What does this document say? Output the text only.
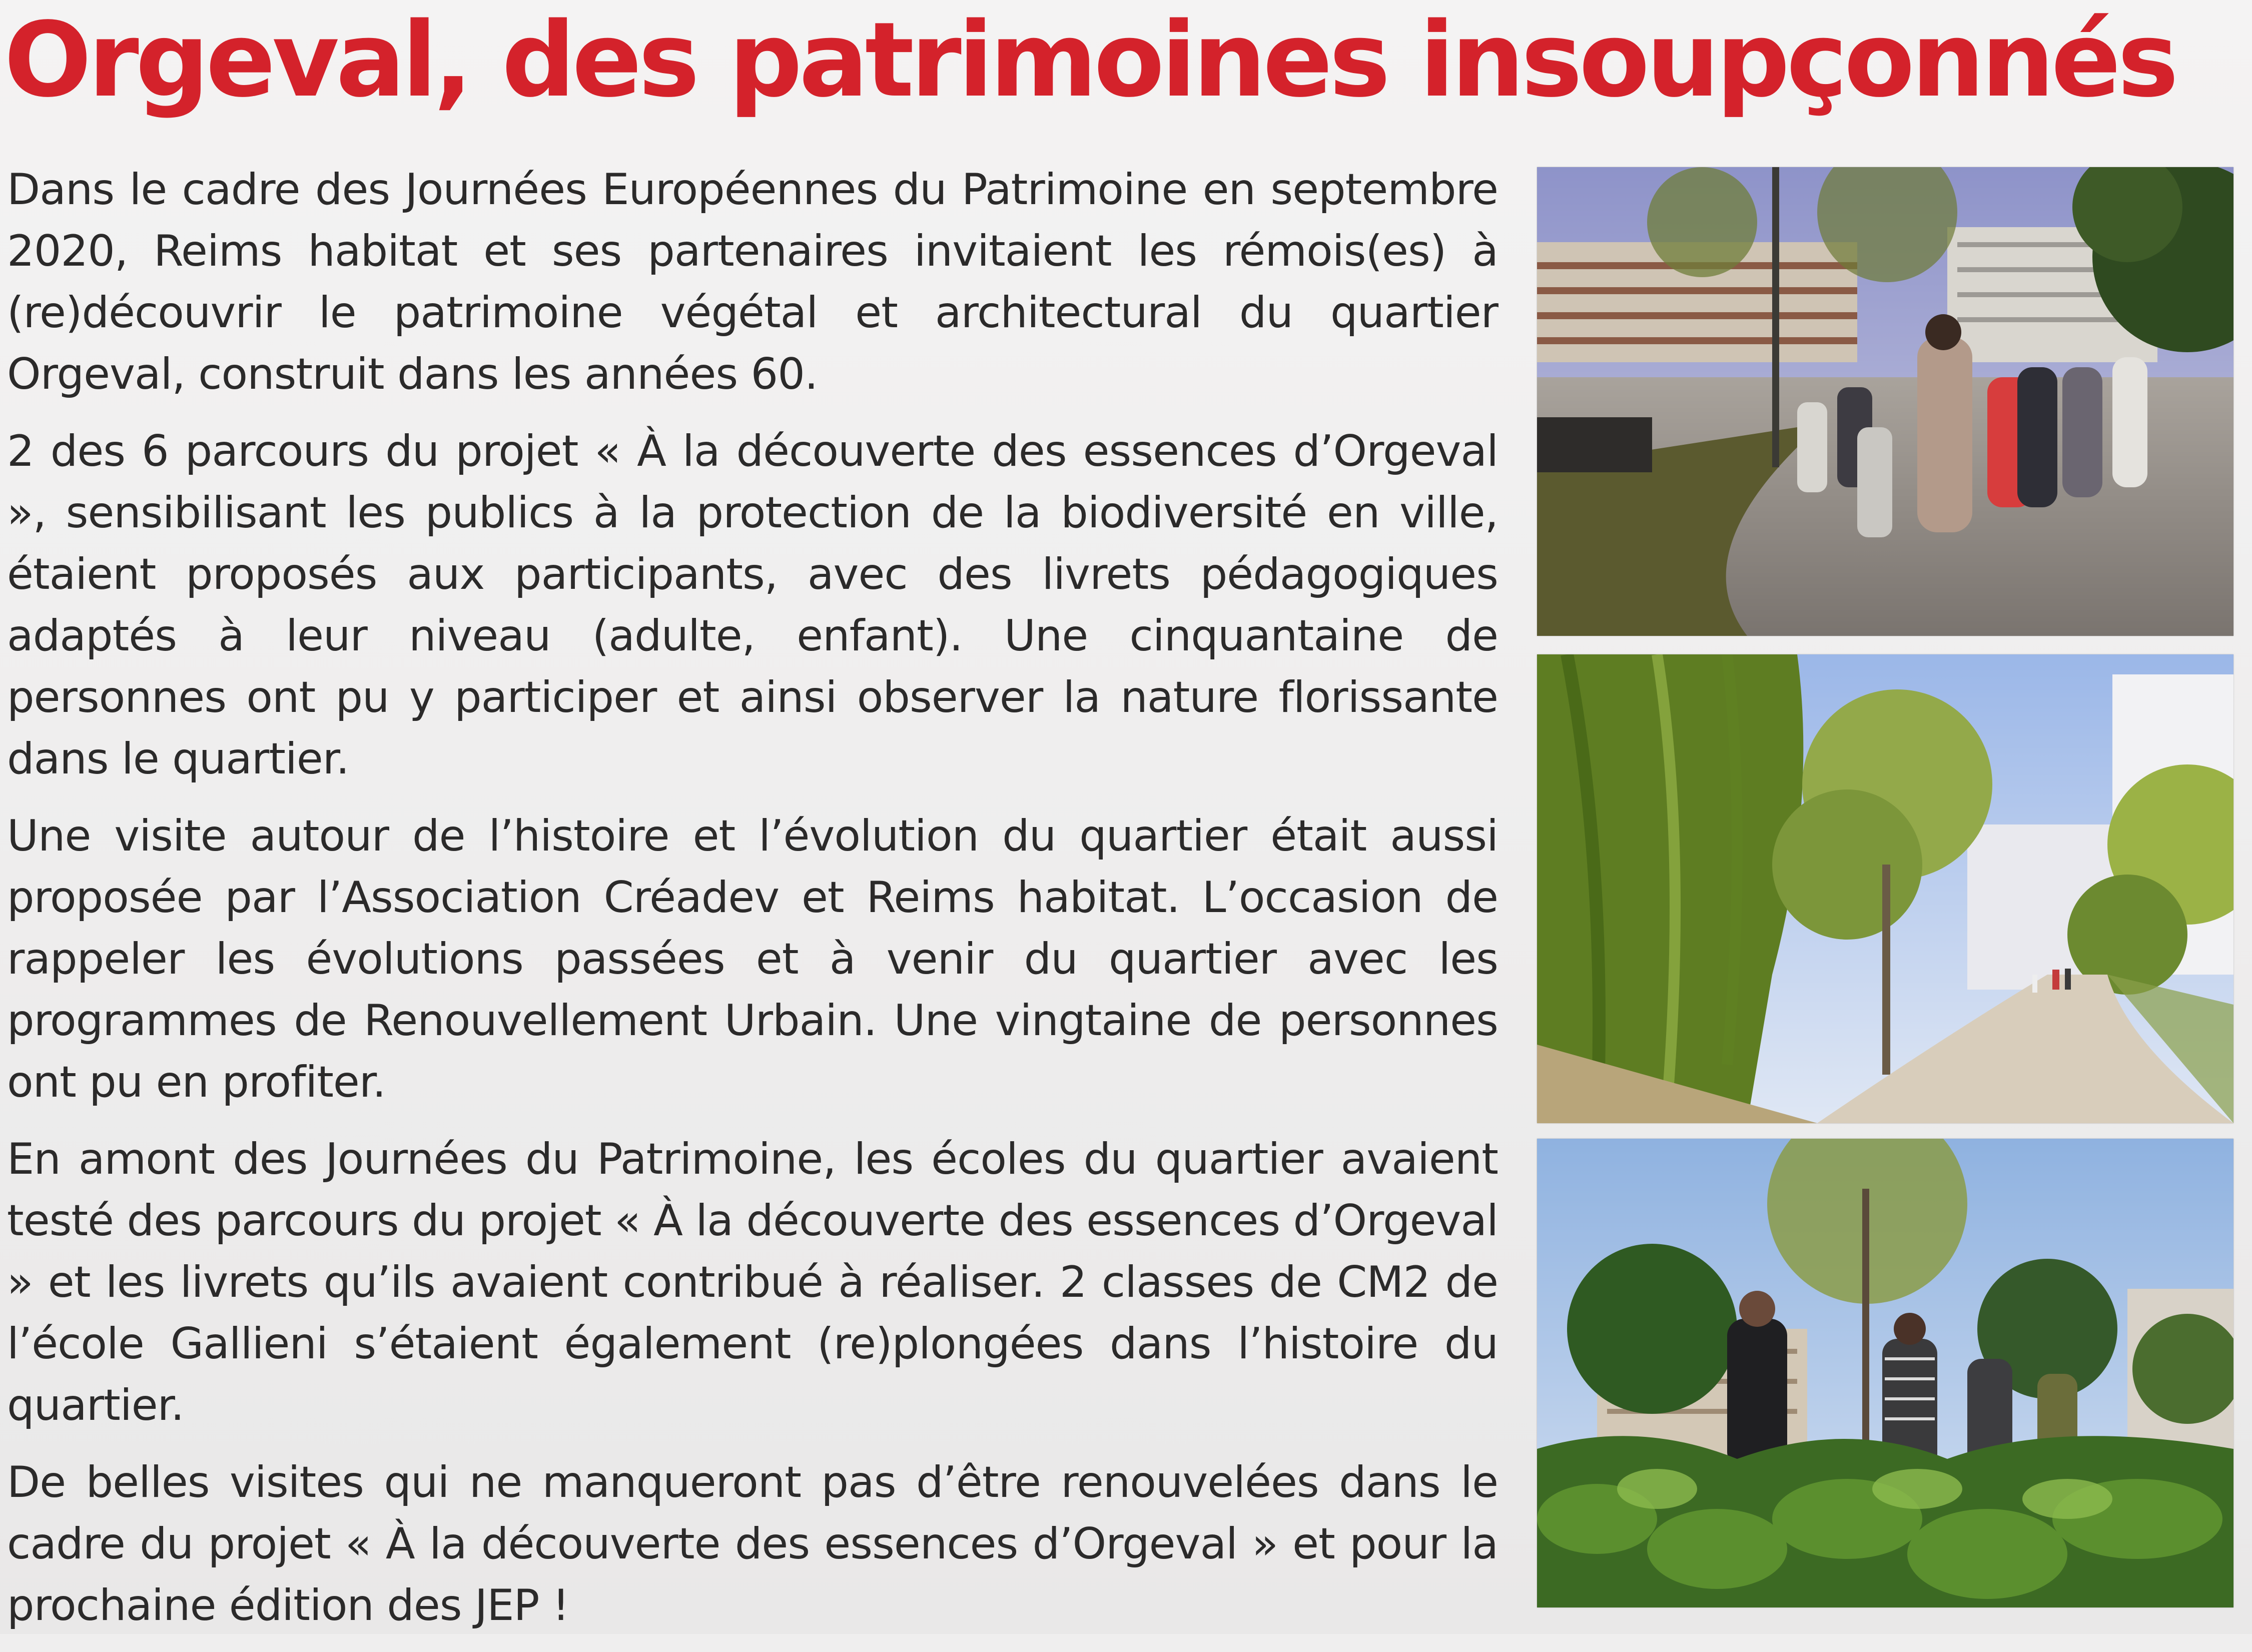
Orgeval, des patrimoines insoupçonnés

Dans le cadre des Journées Européennes du Patrimoine en septembre 2020, Reims habitat et ses partenaires invitaient les rémois(es) à (re)découvrir le patrimoine végétal et architectural du quartier Orgeval, construit dans les années 60.

2 des 6 parcours du projet « À la découverte des essences d’Orgeval », sensibilisant les publics à la protection de la biodiversité en ville, étaient proposés aux participants, avec des livrets pédagogiques adaptés à leur niveau (adulte, enfant). Une cinquantaine de personnes ont pu y participer et ainsi observer la nature florissante dans le quartier.

Une visite autour de l’histoire et l’évolution du quartier était aussi proposée par l’Association Créadev et Reims habitat. L’occasion de rappeler les évolutions passées et à venir du quartier avec les programmes de Renouvellement Urbain. Une vingtaine de personnes ont pu en profiter.

En amont des Journées du Patrimoine, les écoles du quartier avaient testé des parcours du projet « À la découverte des essences d’Orgeval » et les livrets qu’ils avaient contribué à réaliser. 2 classes de CM2 de l’école Gallieni s’étaient également (re)plongées dans l’histoire du quartier.

De belles visites qui ne manqueront pas d’être renouvelées dans le cadre du projet « À la découverte des essences d’Orgeval » et pour la prochaine édition des JEP !
